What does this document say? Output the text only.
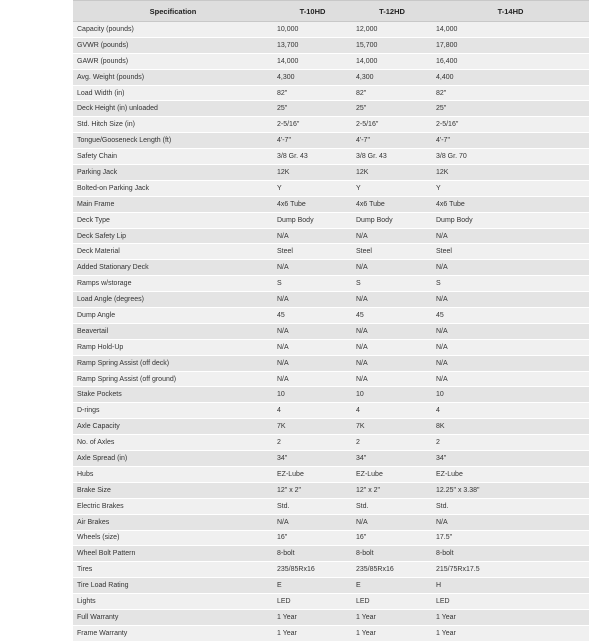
Specification	T-10HD	T-12HD	T-14HD
Capacity (pounds)	10,000	12,000	14,000
GVWR (pounds)	13,700	15,700	17,800
GAWR (pounds)	14,000	14,000	16,400
Avg. Weight (pounds)	4,300	4,300	4,400
Load Width (in)	82"	82"	82"
Deck Height (in) unloaded	25"	25"	25"
Std. Hitch Size (in)	2-5/16"	2-5/16"	2-5/16"
Tongue/Gooseneck Length (ft)	4'-7"	4'-7"	4'-7"
Safety Chain	3/8 Gr. 43	3/8 Gr. 43	3/8 Gr. 70
Parking Jack	12K	12K	12K
Bolted-on Parking Jack	Y	Y	Y
Main Frame	4x6 Tube	4x6 Tube	4x6 Tube
Deck Type	Dump Body	Dump Body	Dump Body
Deck Safety Lip	N/A	N/A	N/A
Deck Material	Steel	Steel	Steel
Added Stationary Deck	N/A	N/A	N/A
Ramps w/storage	S	S	S
Load Angle (degrees)	N/A	N/A	N/A
Dump Angle	45	45	45
Beavertail	N/A	N/A	N/A
Ramp Hold-Up	N/A	N/A	N/A
Ramp Spring Assist (off deck)	N/A	N/A	N/A
Ramp Spring Assist (off ground)	N/A	N/A	N/A
Stake Pockets	10	10	10
D-rings	4	4	4
Axle Capacity	7K	7K	8K
No. of Axles	2	2	2
Axle Spread (in)	34"	34"	34"
Hubs	EZ-Lube	EZ-Lube	EZ-Lube
Brake Size	12" x 2"	12" x 2"	12.25" x 3.38"
Electric Brakes	Std.	Std.	Std.
Air Brakes	N/A	N/A	N/A
Wheels (size)	16"	16"	17.5"
Wheel Bolt Pattern	8-bolt	8-bolt	8-bolt
Tires	235/85Rx16	235/85Rx16	215/75Rx17.5
Tire Load Rating	E	E	H
Lights	LED	LED	LED
Full Warranty	1 Year	1 Year	1 Year
Frame Warranty	1 Year	1 Year	1 Year
